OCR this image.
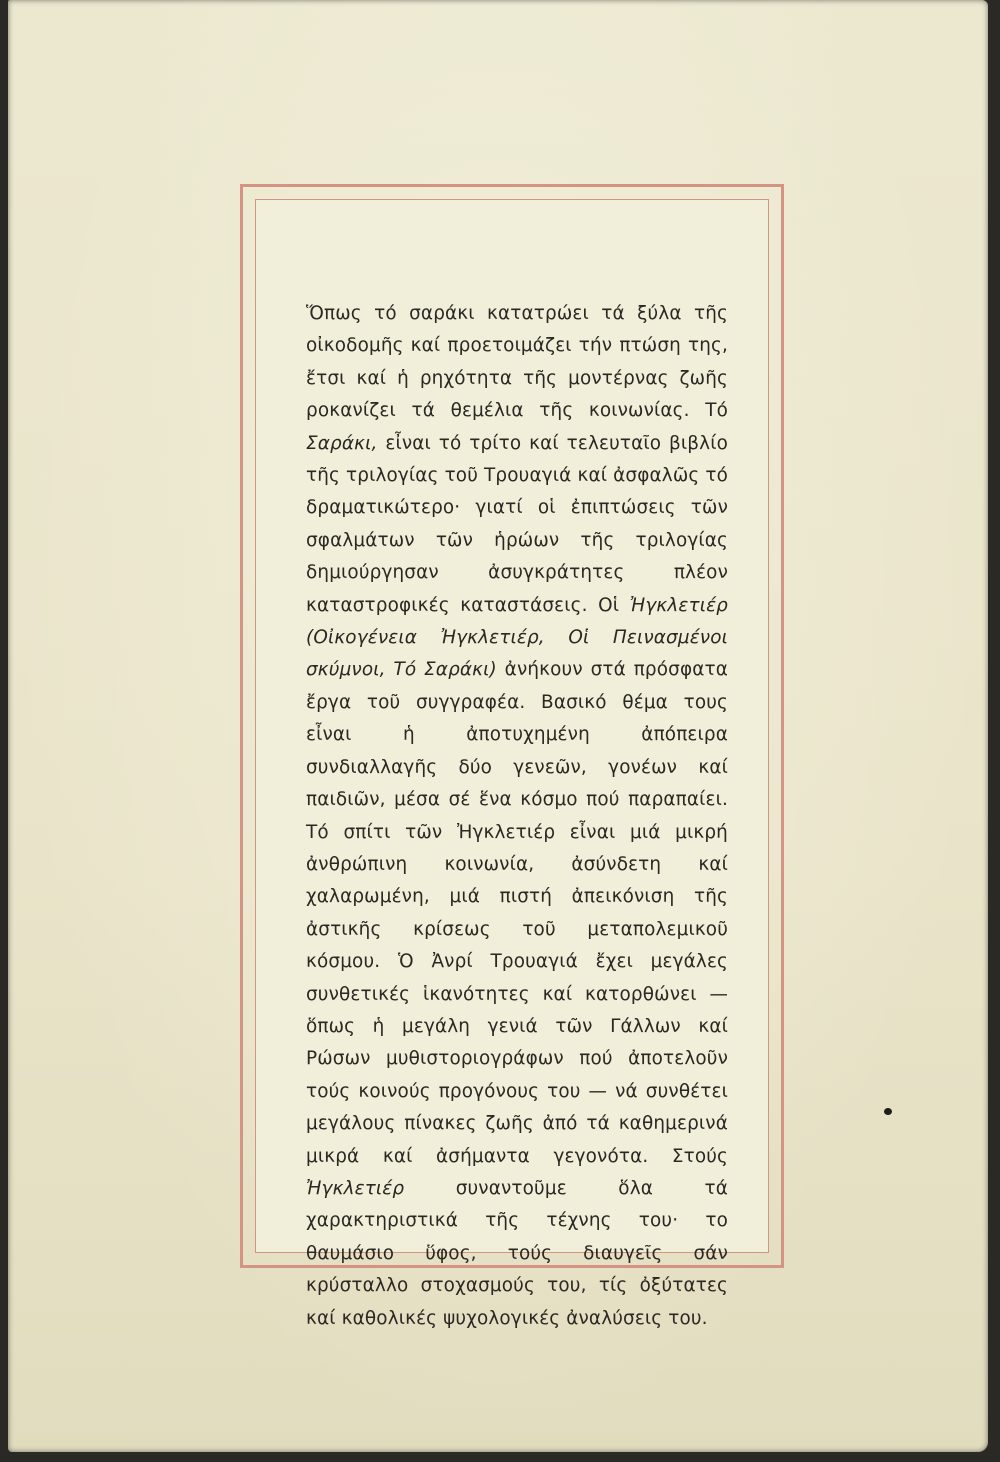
Ὅπως τό σαράκι κατατρώει τά ξύλα τῆς οἰκοδομῆς καί προετοιμάζει τήν πτώση της, ἔτσι καί ἡ ρηχότητα τῆς μοντέρνας ζωῆς ροκανίζει τά θεμέλια τῆς κοινωνίας. Τό Σαράκι, εἶναι τό τρίτο καί τελευταῖο βιβλίο τῆς τριλογίας τοῦ Τρουαγιά καί ἀσφαλῶς τό δραματικώτερο· γιατί οἱ ἐπιπτώσεις τῶν σφαλμάτων τῶν ἡρώων τῆς τριλογίας δημιούργησαν ἀσυγκράτητες πλέον καταστροφικές καταστάσεις. Οἱ Ἠγκλετιέρ (Οἰκογένεια Ἠγκλετιέρ, Οἱ Πεινασμένοι σκύμνοι, Τό Σαράκι) ἀνήκουν στά πρόσφατα ἔργα τοῦ συγγραφέα. Βασικό θέμα τους εἶναι ἡ ἀποτυχημένη ἀπόπειρα συνδιαλλαγῆς δύο γενεῶν, γονέων καί παιδιῶν, μέσα σέ ἕνα κόσμο πού παραπαίει. Τό σπίτι τῶν Ἠγκλετιέρ εἶναι μιά μικρή ἀνθρώπινη κοινωνία, ἀσύνδετη καί χαλαρωμένη, μιά πιστή ἀπεικόνιση τῆς ἀστικῆς κρίσεως τοῦ μεταπολεμικοῦ κόσμου. Ὁ Ἀνρί Τρουαγιά ἔχει μεγάλες συνθετικές ἱκανότητες καί κατορθώνει — ὅπως ἡ μεγάλη γενιά τῶν Γάλλων καί Ρώσων μυθιστοριογράφων πού ἀποτελοῦν τούς κοινούς προγόνους του — νά συνθέτει μεγάλους πίνακες ζωῆς ἀπό τά καθημερινά μικρά καί ἀσήμαντα γεγονότα. Στούς Ἠγκλετιέρ συναντοῦμε ὅλα τά χαρακτηριστικά τῆς τέχνης του· το θαυμάσιο ὕφος, τούς διαυγεῖς σάν κρύσταλλο στοχασμούς του, τίς ὀξύτατες καί καθολικές ψυχολογικές ἀναλύσεις του.
